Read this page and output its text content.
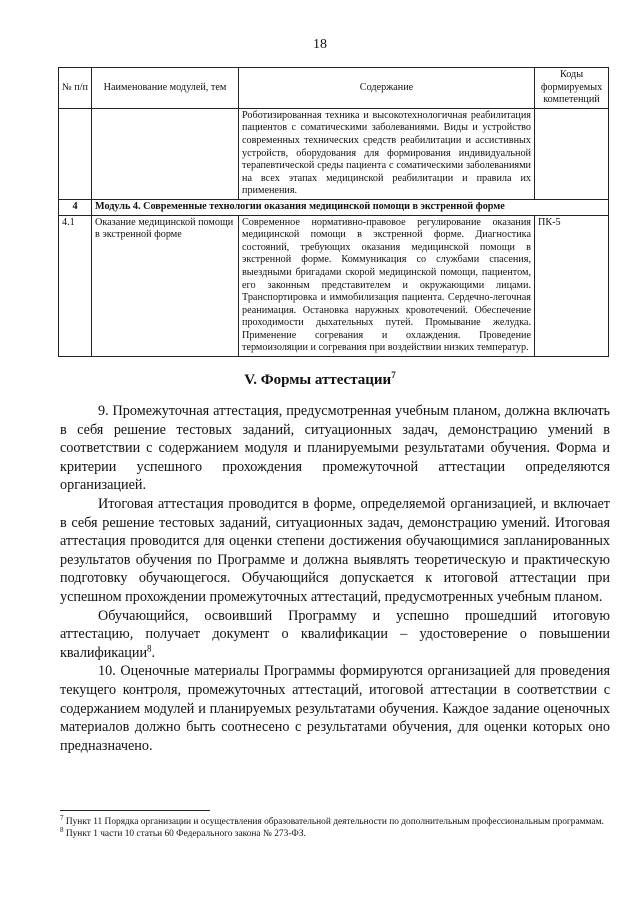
18
№ п/п	Наименование модулей, тем	Содержание	Коды формируемых компетенций
		Роботизированная техника и высокотехнологичная реабилитация пациентов с соматическими заболеваниями. Виды и устройство современных технических средств реабилитации и ассистивных устройств, оборудования для формирования индивидуальной терапевтической среды пациента с соматическими заболеваниями на всех этапах медицинской реабилитации и правила их применения.	
4	Модуль 4. Современные технологии оказания медицинской помощи в экстренной форме		
4.1	Оказание медицинской помощи в экстренной форме	Современное нормативно-правовое регулирование оказания медицинской помощи в экстренной форме. Диагностика состояний, требующих оказания медицинской помощи в экстренной форме. Коммуникация со службами спасения, выездными бригадами скорой медицинской помощи, пациентом, его законным представителем и окружающими лицами. Транспортировка и иммобилизация пациента. Сердечно-легочная реанимация. Остановка наружных кровотечений. Обеспечение проходимости дыхательных путей. Промывание желудка. Применение согревания и охлаждения. Проведение термоизоляции и согревания при воздействии низких температур.	ПК-5
V. Формы аттестации$^7$

9. Промежуточная аттестация, предусмотренная учебным планом, должна включать в себя решение тестовых заданий, ситуационных задач, демонстрацию умений в соответствии с содержанием модуля и планируемыми результатами обучения. Форма и критерии успешного прохождения промежуточной аттестации определяются организацией.

Итоговая аттестация проводится в форме, определяемой организацией, и включает в себя решение тестовых заданий, ситуационных задач, демонстрацию умений. Итоговая аттестация проводится для оценки степени достижения обучающимися запланированных результатов обучения по Программе и должна выявлять теоретическую и практическую подготовку обучающегося. Обучающийся допускается к итоговой аттестации при успешном прохождении промежуточных аттестаций, предусмотренных учебным планом.

Обучающийся, освоивший Программу и успешно прошедший итоговую аттестацию, получает документ о квалификации – удостоверение о повышении квалификации$^8$.

10. Оценочные материалы Программы формируются организацией для проведения текущего контроля, промежуточных аттестаций, итоговой аттестации в соответствии с содержанием модулей и планируемых результатами обучения. Каждое задание оценочных материалов должно быть соотнесено с результатами обучения, для оценки которых оно предназначено.

$^7$ Пункт 11 Порядка организации и осуществления образовательной деятельности по дополнительным профессиональным программам.

$^8$ Пункт 1 части 10 статьи 60 Федерального закона № 273-ФЗ.
